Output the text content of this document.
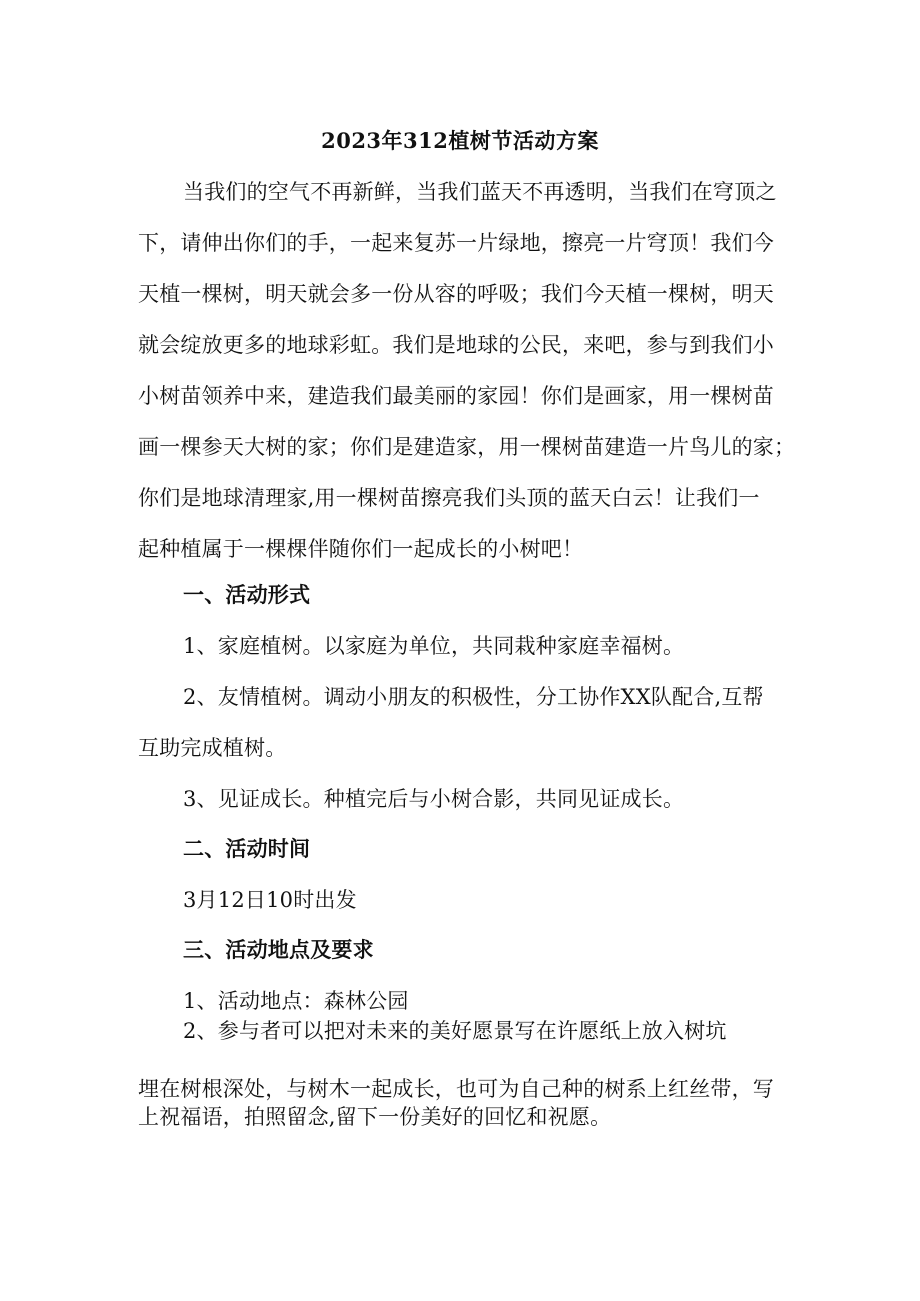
2023年312植树节活动方案
当我们的空气不再新鲜，当我们蓝天不再透明，当我们在穹顶之
下，请伸出你们的手，一起来复苏一片绿地，擦亮一片穹顶！我们今
天植一棵树，明天就会多一份从容的呼吸；我们今天植一棵树，明天
就会绽放更多的地球彩虹。我们是地球的公民，来吧，参与到我们小
小树苗领养中来，建造我们最美丽的家园！你们是画家，用一棵树苗
画一棵参天大树的家；你们是建造家，用一棵树苗建造一片鸟儿的家；
你们是地球清理家,用一棵树苗擦亮我们头顶的蓝天白云！让我们一
起种植属于一棵棵伴随你们一起成长的小树吧！
一、活动形式
1、家庭植树。以家庭为单位，共同栽种家庭幸福树。
2、友情植树。调动小朋友的积极性，分工协作XX队配合,互帮
互助完成植树。
3、见证成长。种植完后与小树合影，共同见证成长。
二、活动时间
3月12日10时出发
三、活动地点及要求
1、活动地点：森林公园
2、参与者可以把对未来的美好愿景写在许愿纸上放入树坑
埋在树根深处，与树木一起成长，也可为自己种的树系上红丝带，写
上祝福语，拍照留念,留下一份美好的回忆和祝愿。
